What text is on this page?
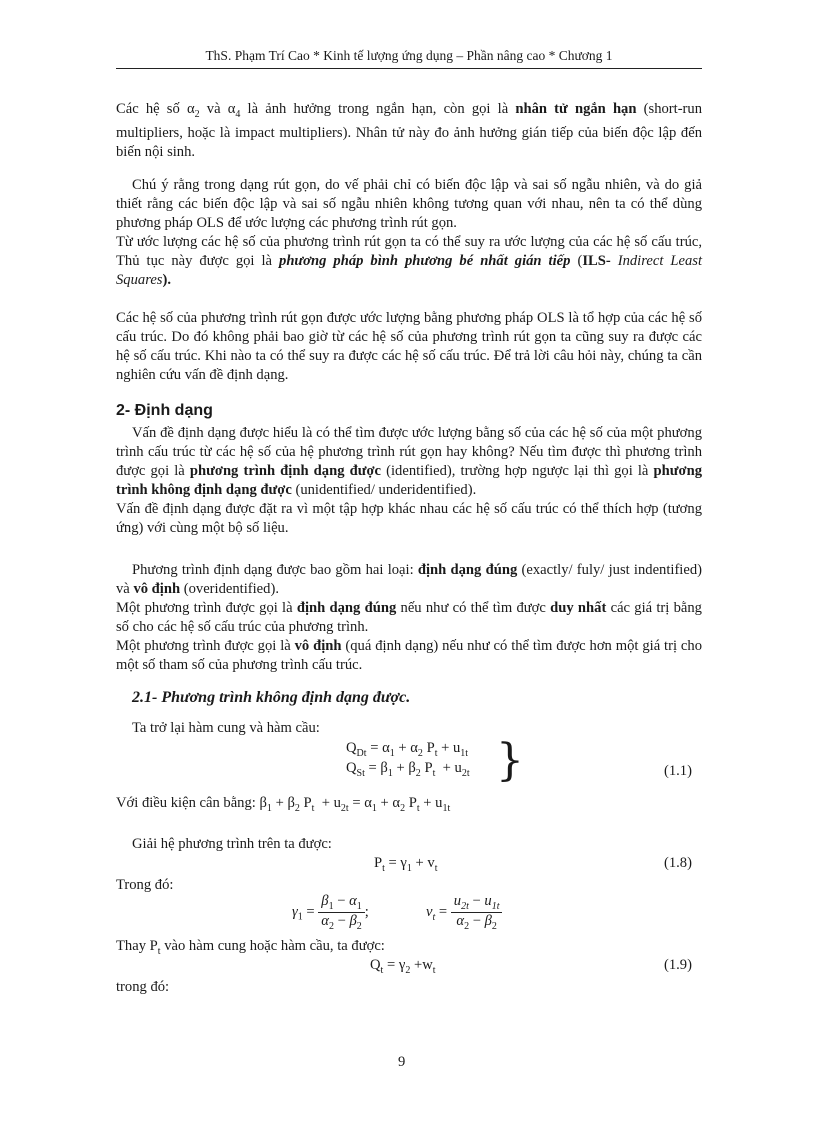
ThS. Phạm Trí Cao * Kinh tế lượng ứng dụng – Phần nâng cao * Chương 1

Các hệ số $\alpha_2$ và $\alpha_4$ là ảnh hưởng trong ngắn hạn, còn gọi là nhân tử ngắn hạn (short-run multipliers, hoặc là impact multipliers). Nhân tử này đo ảnh hưởng gián tiếp của biến độc lập đến biến nội sinh.

Chú ý rằng trong dạng rút gọn, do vế phải chỉ có biến độc lập và sai số ngẫu nhiên, và do giả thiết rằng các biến độc lập và sai số ngẫu nhiên không tương quan với nhau, nên ta có thể dùng phương pháp OLS để ước lượng các phương trình rút gọn.

Từ ước lượng các hệ số của phương trình rút gọn ta có thể suy ra ước lượng của các hệ số cấu trúc, Thủ tục này được gọi là phương pháp bình phương bé nhất gián tiếp (ILS- Indirect Least Squares).

Các hệ số của phương trình rút gọn được ước lượng bằng phương pháp OLS là tổ hợp của các hệ số cấu trúc. Do đó không phải bao giờ từ các hệ số của phương trình rút gọn ta cũng suy ra được các hệ số cấu trúc. Khi nào ta có thể suy ra được các hệ số cấu trúc. Để trả lời câu hỏi này, chúng ta cần nghiên cứu vấn đề định dạng.

2- Định dạng

Vấn đề định dạng được hiểu là có thể tìm được ước lượng bằng số của các hệ số của một phương trình cấu trúc từ các hệ số của hệ phương trình rút gọn hay không? Nếu tìm được thì phương trình được gọi là phương trình định dạng được (identified), trường hợp ngược lại thì gọi là phương trình không định dạng được (unidentified/ underidentified).

Vấn đề định dạng được đặt ra vì một tập hợp khác nhau các hệ số cấu trúc có thể thích hợp (tương ứng) với cùng một bộ số liệu.

Phương trình định dạng được bao gồm hai loại: định dạng đúng (exactly/ fuly/ just indentified) và vô định (overidentified).

Một phương trình được gọi là định dạng đúng nếu như có thể tìm được duy nhất các giá trị bằng số cho các hệ số cấu trúc của phương trình.

Một phương trình được gọi là vô định (quá định dạng) nếu như có thể tìm được hơn một giá trị cho một số tham số của phương trình cấu trúc.

2.1- Phương trình không định dạng được.
Ta trở lại hàm cung và hàm cầu:
$Q_{Dt} = \alpha_1 + \alpha_2$ $P_t + u_{1t}$
$Q_{St} = \beta_1 + \beta_2$ $P_t + u_{2t}$ }	(1.1)
Với điều kiện cân bằng: $\beta_1 + \beta_2$ $P_t + u_{2t} = \alpha_1 + \alpha_2$ $P_t + u_{1t}$
Giải hệ phương trình trên ta được:
$P_t = \gamma_1 + v_t$	(1.8)
Trong đó:
$\gamma_1 = \frac{\beta_1 - \alpha_1}{\alpha_2 - \beta_2}$ ;	$v_t = \frac{u_{2t} - u_{1t}}{\alpha_2 - \beta_2}$
Thay $P_t$ vào hàm cung hoặc hàm cầu, ta được:
$Q_t = \gamma_2 +w_t$	(1.9)
trong đó:
9
